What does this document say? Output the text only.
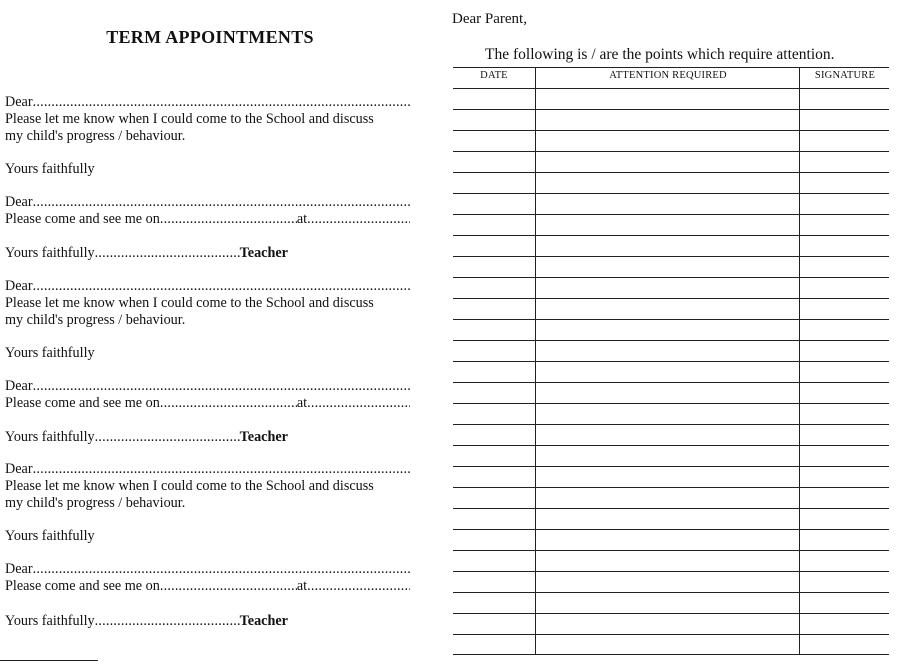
TERM APPOINTMENTS
Dear
.....
Please let me know when I could come to the School and discuss
my child's progress / behaviour.
Yours faithfully
Dear
.....
Please come and see me on .....	at
.....
Yours faithfully .....	Teacher
Dear
.....
Please let me know when I could come to the School and discuss
my child's progress / behaviour.
Yours faithfully
Dear
.....
Please come and see me on .....	at
.....
Yours faithfully .....	Teacher
Dear
.....
Please let me know when I could come to the School and discuss
my child's progress / behaviour.
Yours faithfully
Dear
.....
Please come and see me on .....	at
.....
Yours faithfully .....	Teacher
Dear Parent,
The following is / are the points which require attention.
DATE	ATTENTION REQUIRED	SIGNATURE
